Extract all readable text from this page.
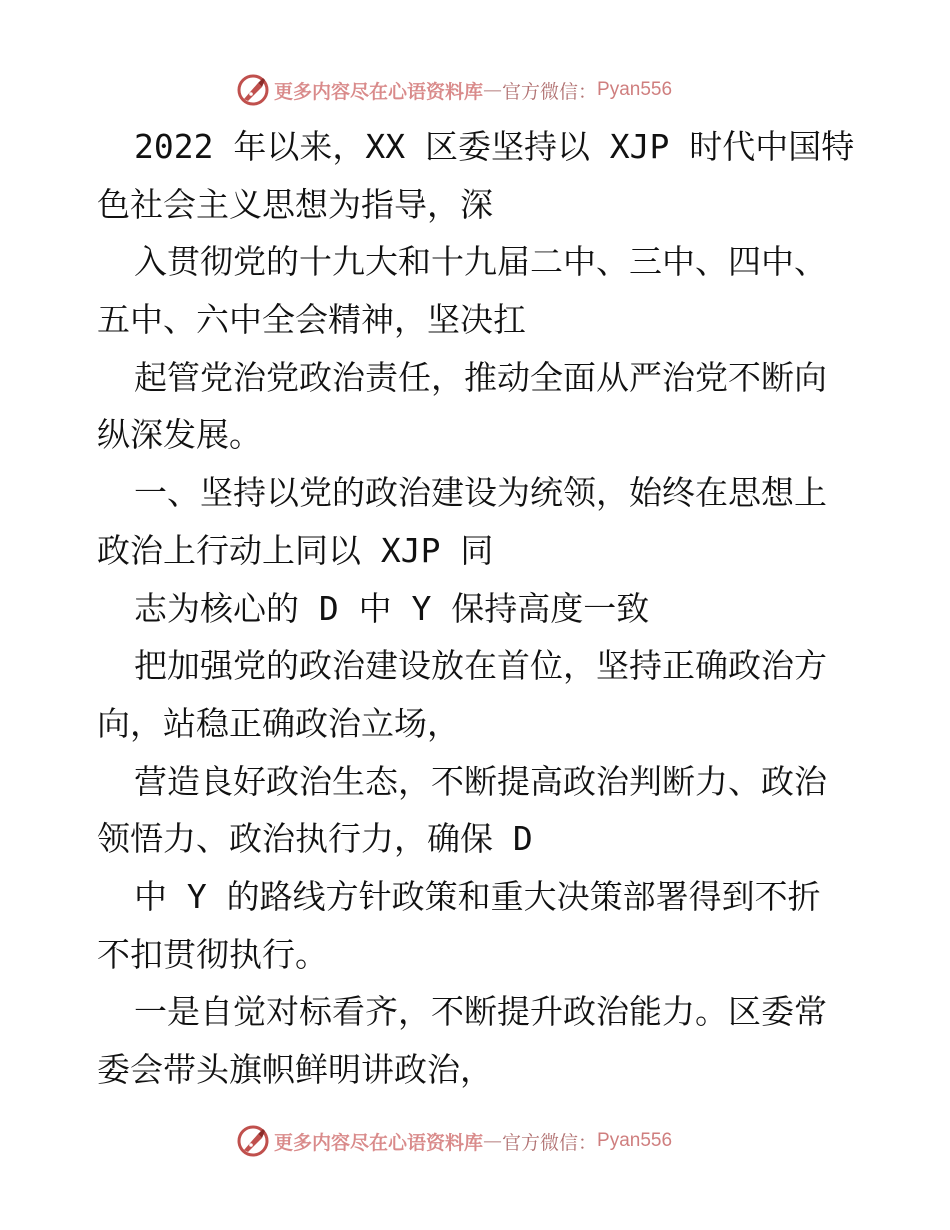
更多内容尽在心语资料库 — 官方微信： Pyan556
2022 年以来，XX 区委坚持以 XJP 时代中国特
色社会主义思想为指导，深
入贯彻党的十九大和十九届二中、三中、四中、
五中、六中全会精神，坚决扛
起管党治党政治责任，推动全面从严治党不断向
纵深发展。
一、坚持以党的政治建设为统领，始终在思想上
政治上行动上同以 XJP 同
志为核心的 D 中 Y 保持高度一致
把加强党的政治建设放在首位，坚持正确政治方
向，站稳正确政治立场，
营造良好政治生态，不断提高政治判断力、政治
领悟力、政治执行力，确保 D
中 Y 的路线方针政策和重大决策部署得到不折
不扣贯彻执行。
一是自觉对标看齐，不断提升政治能力。区委常
委会带头旗帜鲜明讲政治，
更多内容尽在心语资料库 — 官方微信： Pyan556
